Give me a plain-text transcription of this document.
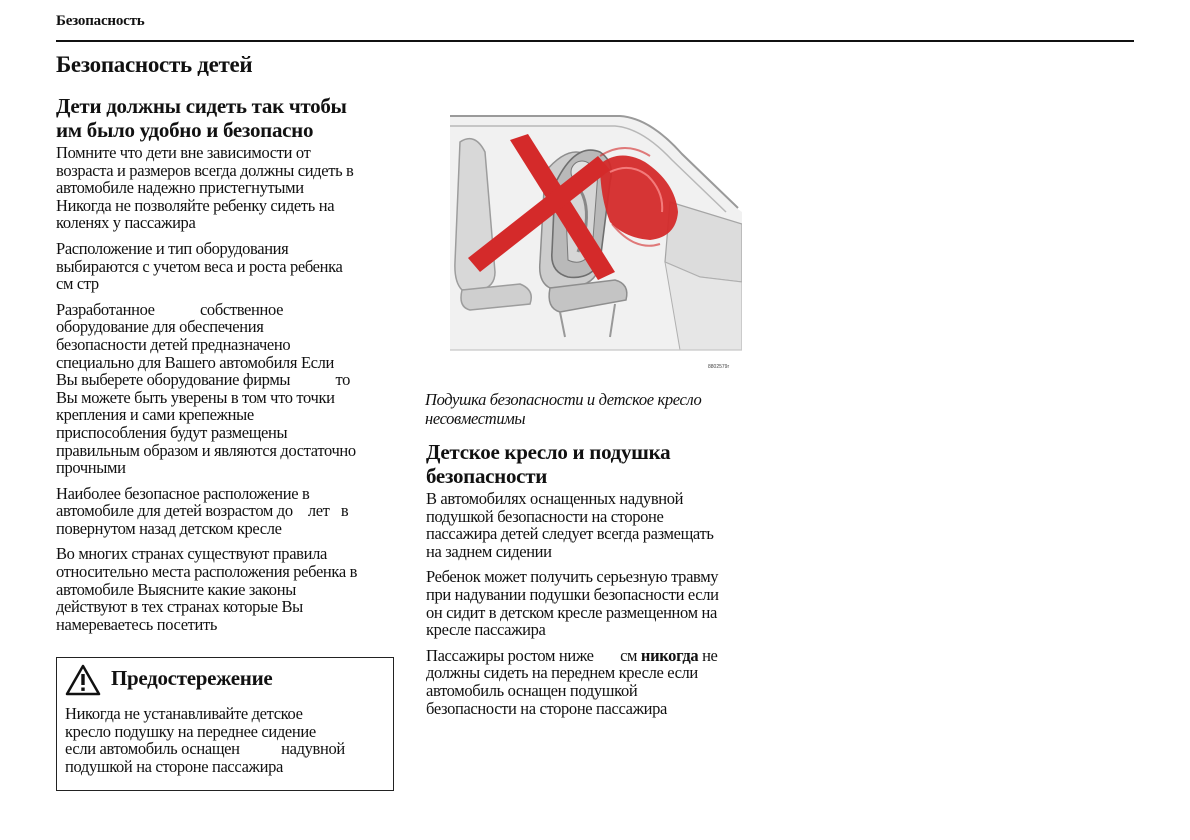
Безопасность
Безопасность детей
Дети должны сидеть так чтобы
им было удобно и безопасно

Помните что дети вне зависимости от
возраста и размеров всегда должны сидеть в
автомобиле надежно пристегнутыми
Никогда не позволяйте ребенку сидеть на
коленях у пассажира

Расположение и тип оборудования
выбираются с учетом веса и роста ребенка
см стр

Разработанное            собственное
оборудование для обеспечения
безопасности детей предназначено
специально для Вашего автомобиля Если
Вы выберете оборудование фирмы            то
Вы можете быть уверены в том что точки
крепления и сами крепежные
приспособления будут размещены
правильным образом и являются достаточно
прочными

Наиболее безопасное расположение в
автомобиле для детей возрастом до    лет   в
повернутом назад детском кресле

Во многих странах существуют правила
относительно места расположения ребенка в
автомобиле Выясните какие законы
действуют в тех странах которые Вы
намереваетесь посетить

Предостережение
Никогда не устанавливайте детское
кресло подушку на переднее сидение
если автомобиль оснащен           надувной
подушкой на стороне пассажира
8802579r
Подушка безопасности и детское кресло
несовместимы
Детское кресло и подушка
безопасности

В автомобилях оснащенных надувной
подушкой безопасности на стороне
пассажира детей следует всегда размещать
на заднем сидении

Ребенок может получить серьезную травму
при надувании подушки безопасности если
он сидит в детском кресле размещенном на
кресле пассажира

Пассажиры ростом ниже       см никогда не
должны сидеть на переднем кресле если
автомобиль оснащен подушкой
безопасности на стороне пассажира
